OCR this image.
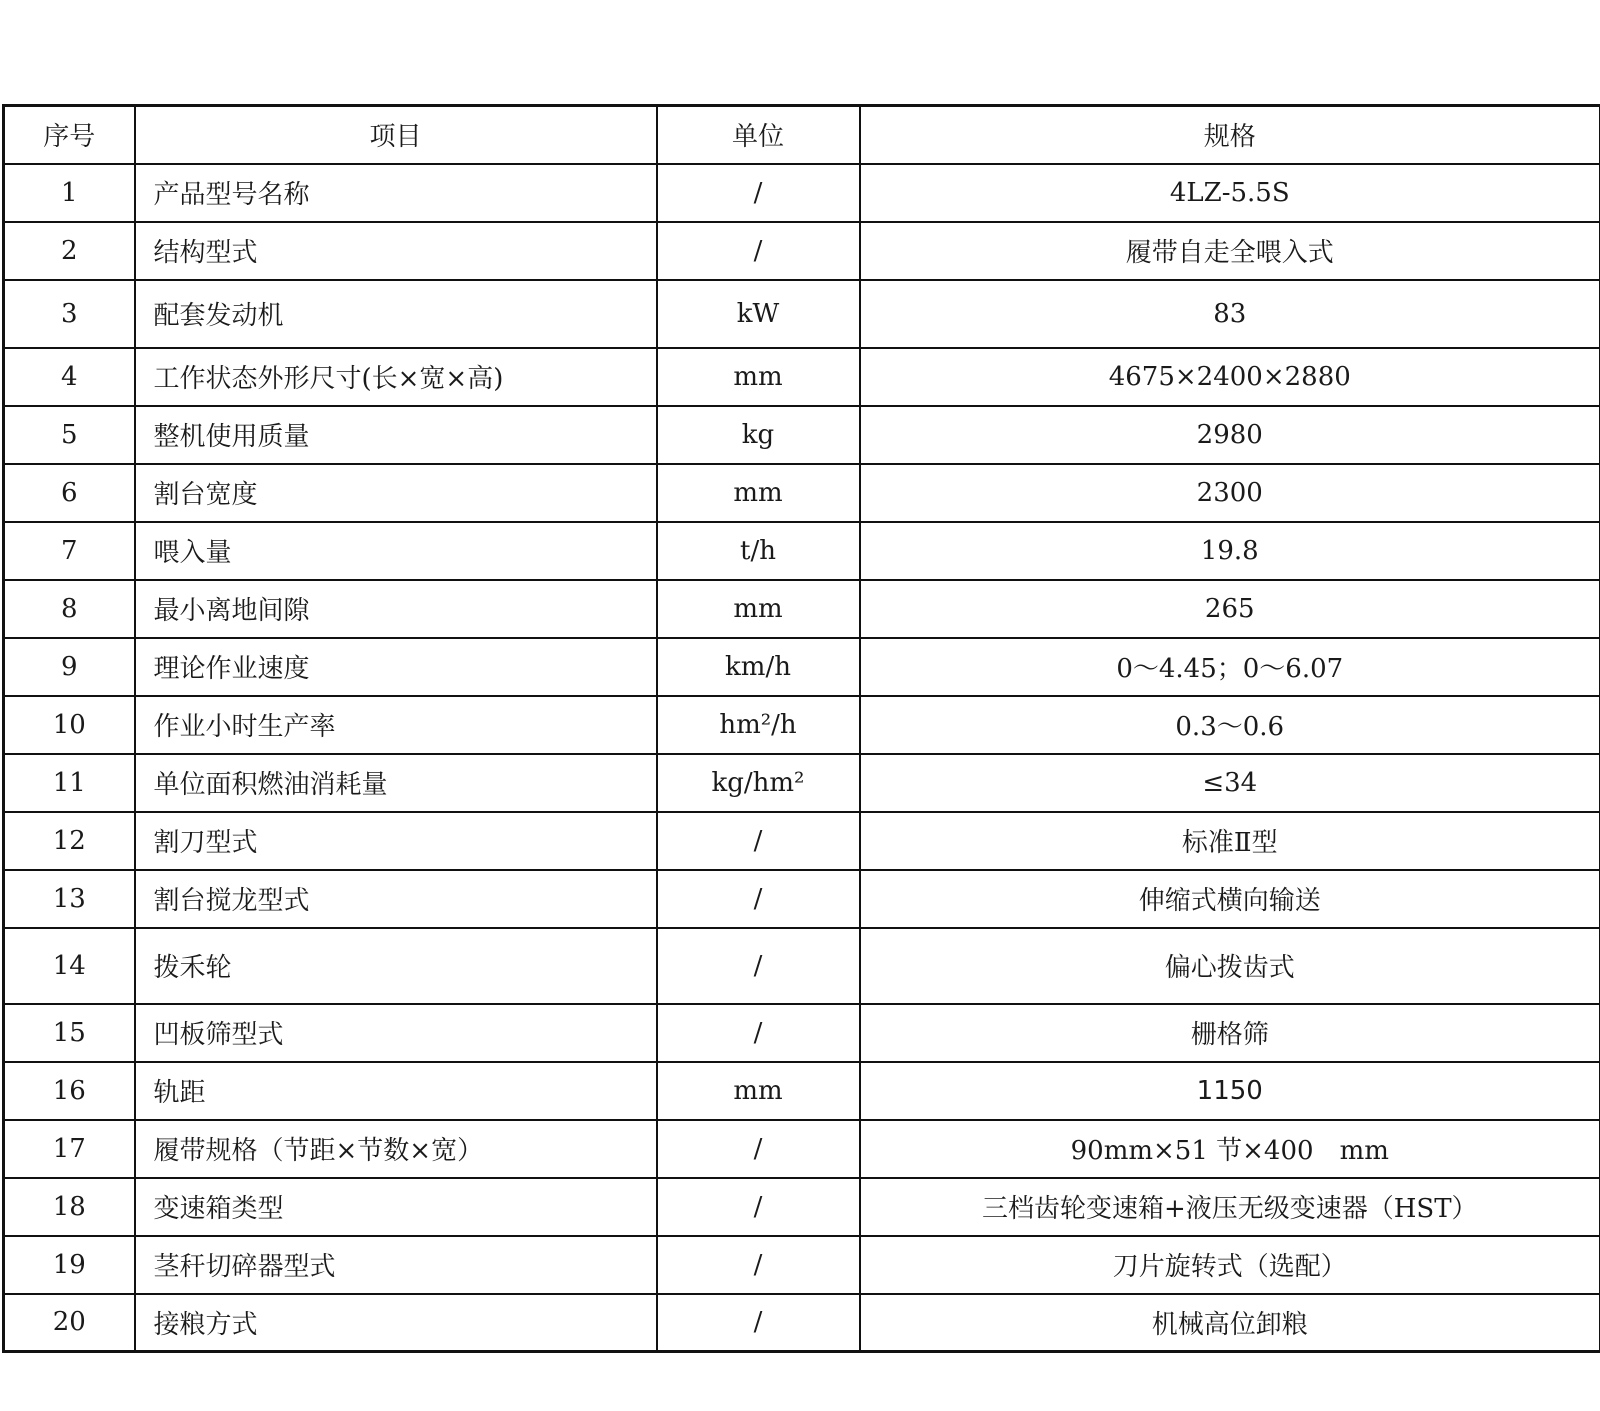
序号	项目	单位	规格
1	产品型号名称	/	4LZ-5.5S
2	结构型式	/	履带自走全喂入式
3	配套发动机	kW	83
4	工作状态外形尺寸(长×宽×高)	mm	4675×2400×2880
5	整机使用质量	kg	2980
6	割台宽度	mm	2300
7	喂入量	t/h	19.8
8	最小离地间隙	mm	265
9	理论作业速度	km/h	0～4.45；0～6.07
10	作业小时生产率	hm²/h	0.3～0.6
11	单位面积燃油消耗量	kg/hm²	≤34
12	割刀型式	/	标准Ⅱ型
13	割台搅龙型式	/	伸缩式横向输送
14	拨禾轮	/	偏心拨齿式
15	凹板筛型式	/	栅格筛
16	轨距	mm	1150
17	履带规格（节距×节数×宽）	/	90mm×51 节×400　mm
18	变速箱类型	/	三档齿轮变速箱+液压无级变速器（HST）
19	茎秆切碎器型式	/	刀片旋转式（选配）
20	接粮方式	/	机械高位卸粮
